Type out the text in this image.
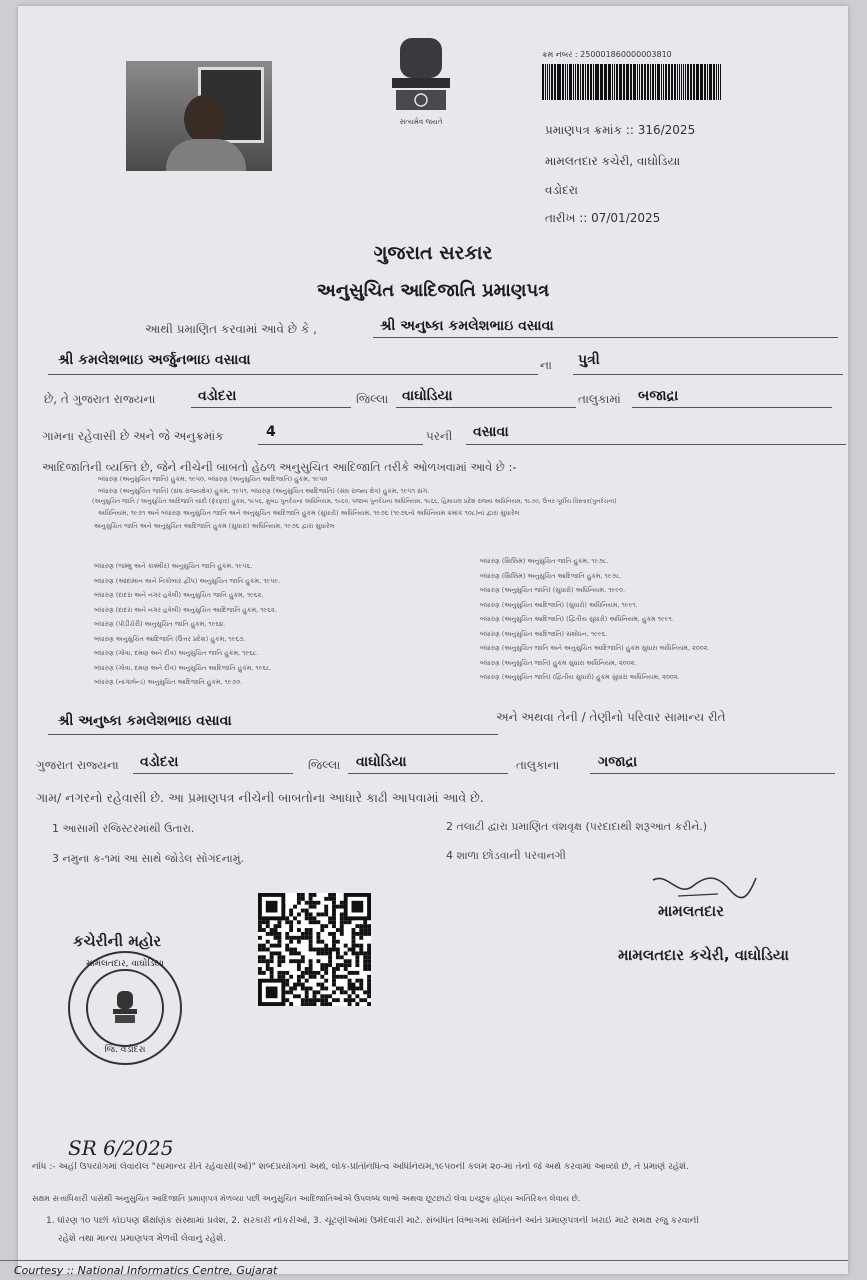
સત્યમેવ જયતે
ક્રમ નંબર : 250001860000003810
પ્રમાણપત્ર ક્રમાંક :: 316/2025
મામલતદાર કચેરી, વાઘોડિયા
વડોદરા
તારીખ :: 07/01/2025
ગુજરાત સરકાર
અનુસુચિત આદિજાતિ પ્રમાણપત્ર
આથી પ્રમાણિત કરવામાં આવે છે કે ,	શ્રી અનુષ્કા કમલેશભાઇ વસાવા
શ્રી કમલેશભાઇ અર્જુનભાઇ વસાવા	ના પુત્રી
છે, તે ગુજરાત રાજ્યના	વડોદરા	જિલ્લા વાઘોડિયા	તાલુકામાં બજાદ્રા
ગામના રહેવાસી છે અને જે અનુક્રમાંક	4	પરની વસાવા
આદિજાતિની વ્યક્તિ છે, જેને નીચેની બાબતો હેઠળ અનુસુચિત આદિજાતિ તરીકે ઓળખવામાં આવે છે :-
બંધારણ (અનુસુચિત જાતિ) હુકમ, ૧૯૫૦, બંધારણ (અનુસુચિત આદિજાતિ) હુકમ, ૧૯૫૦
બંધારણ (અનુસુચિત જાતિ) (સંઘ રાજ્યક્ષેત્ર) હુકમ, ૧૯૫૧, બંધારણ (અનુસુચિત આદિજાતિ) (સંઘ રાજ્ય ક્ષેત્ર) હુકમ, ૧૯૫૧ સંગ.
(અનુસુચિત જાતિ / અનુસુચિત આદિજાતિ યાદી (ફેરફાર) હુકમ, ૧૯૫૬, મુંબઇ પુનર્રચના અધિનિયમ, ૧૯૬૦, પંજાબ પુનર્રચના અધિનિયમ, ૧૯૬૬, હિમાચલ પ્રદેશ રાજ્ય અધિનિયમ, ૧૯૭૦, ઉત્તર-પૂર્વીય વિસ્તાર(પુનર્રચના)
અધિનિયમ, ૧૯૭૧ અને બંધારણ અનુસુચિત જાતિ અને અનુસુચિત આદિજાતિ હુકમ (સુધારો) અધિનિયમ, ૧૯૭૬ (૧૯૭૬નો અધિનિયમ ક્રમાંક ૧૦૮)ના દ્વારા સુધારેલ
અનુસુચિત જાતિ અને અનુસુચિત આદિજાતિ હુકમ (સુધારા) અધિનિયમ, ૧૯૭૬ દ્વારા સુધારેલ
બંધારણ (જમ્મુ અને કાશ્મીર) અનુસુચિત જાતિ હુકમ, ૧૯૫૬.
બંધારણ (આંદામાન અને નિકોબાર દ્વીપ) અનુસુચિત જાતિ હુકમ, ૧૯૫૯.
બંધારણ (દાદરા અને નગર હવેલી) અનુસુચિત જાતિ હુકમ, ૧૯૬૨.
બંધારણ (દાદરા અને નગર હવેલી) અનુસુચિત આદિજાતિ હુકમ, ૧૯૬૨.
બંધારણ (પોંડીચેરી) અનુસુચિત જાતિ હુકમ, ૧૯૬૪.
બંધારણ અનુસુચિત આદિજાતિ (ઉત્તર પ્રદેશ) હુકમ, ૧૯૬૭.
બંધારણ (ગોવા, દમણ અને દીવ) અનુસુચિત જાતિ હુકમ, ૧૯૬૮.
બંધારણ (ગોવા, દમણ અને દીવ) અનુસુચિત આદિજાતિ હુકમ, ૧૯૬૮.
બંધારણ (નાગાલેન્ડ) અનુસુચિત આદિજાતિ હુકમ, ૧૯૭૦.
બંધારણ (સિક્કિમ) અનુસુચિત જાતિ હુકમ, ૧૯૭૮.
બંધારણ (સિક્કિમ) અનુસુચિત આદિજાતિ હુકમ, ૧૯૭૮.
બંધારણ (અનુસુચિત જાતિ) (સુધારો) અધિનિયમ, ૧૯૯૦.
બંધારણ (અનુસુચિત આદિજાતિ) (સુધારો) અધિનિયમ, ૧૯૯૧.
બંધારણ (અનુસુચિત આદિજાતિ) (દ્વિતીય સુધારો) અધિનિયમ, હુકમ ૧૯૯૧.
બંધારણ (અનુસુચિત આદિજાતિ) સંશોધન, ૧૯૯૬.
બંધારણ (અનુસુચિત જાતિ અને અનુસુચિત આદિજાતિ) હુકમ સુધારા અધિનિયમ, ૨૦૦૨.
બંધારણ (અનુસુચિત જાતિ) હુકમ સુધારા અધિનિયમ, ૨૦૦૨.
બંધારણ (અનુસુચિત જાતિ) (દ્વિતીય સુધારો) હુકમ સુધારા અધિનિયમ, ૨૦૦૨.
શ્રી અનુષ્કા કમલેશભાઇ વસાવા	અને અથવા તેની / તેણીનો પરિવાર સામાન્ય રીતે
ગુજરાત રાજ્યના વડોદરા	જિલ્લા વાઘોડિયા	તાલુકાના	ગજાદ્રા
ગામ/ નગરનો રહેવાસી છે. આ પ્રમાણપત્ર નીચેની બાબતોના આધારે કાઢી આપવામાં આવે છે.
1 આસામી રજિસ્ટરમાંથી ઉતારા.	2 તલાટી દ્વારા પ્રમાણિત વંશવૃક્ષ (પરદાદાથી શરૂઆત કરીને.)
3 નમુના ક-૧માં આ સાથે જોડેલ સોગંદનામું.	4 શાળા છોડવાની પરવાનગી
મામલતદાર
મામલતદાર કચેરી, વાઘોડિયા
કચેરીની મહોર
મામલતદાર, વાઘોડિયા
જિ. વડોદરા
SR 6/2025
નોંધ :- અહીં ઉપયોગમાં લેવાયેલ "સામાન્ય રીતે રહેવાસી(ઓ)" શબ્દપ્રયોગનો અર્થ, લોક-પ્રતિનિધિત્વ અધિનિયમ,૧૯૫૦ની કલમ ૨૦-માં તેનો જે અર્થ કરવામાં આવ્યો છે, તે પ્રમાણે રહેશે.
સક્ષમ સત્તાધિકારી પાસેથી અનુસુચિત આદિજાતિ પ્રમાણપત્ર મેળવ્યા પછી અનુસુચિત આદિજાતિઓએ ઉપલબ્ધ લાભો અથવા છૂટછાટો લેવા ઇચ્છુક હોઇ્ય અતિરિક્ત લેવાય છે.
1. ધોરણ ૧૦ પછી કોઇપણ શૈક્ષણિક સંસ્થામાં પ્રવેશ, 2. સરકારી નોકરીઓ, 3. ચૂંટણીઓમાં ઉમેદવારી માટે. સંબંધિત વિભાગમાં સમિતિને અતિ પ્રમાણપત્રની ખરાઈ માટે સમક્ષ રજુ કરવાની
રહેશે તથા માન્ય પ્રમાણપત્ર મેળવી લેવાનું રહેશે.
Courtesy :: National Informatics Centre, Gujarat
